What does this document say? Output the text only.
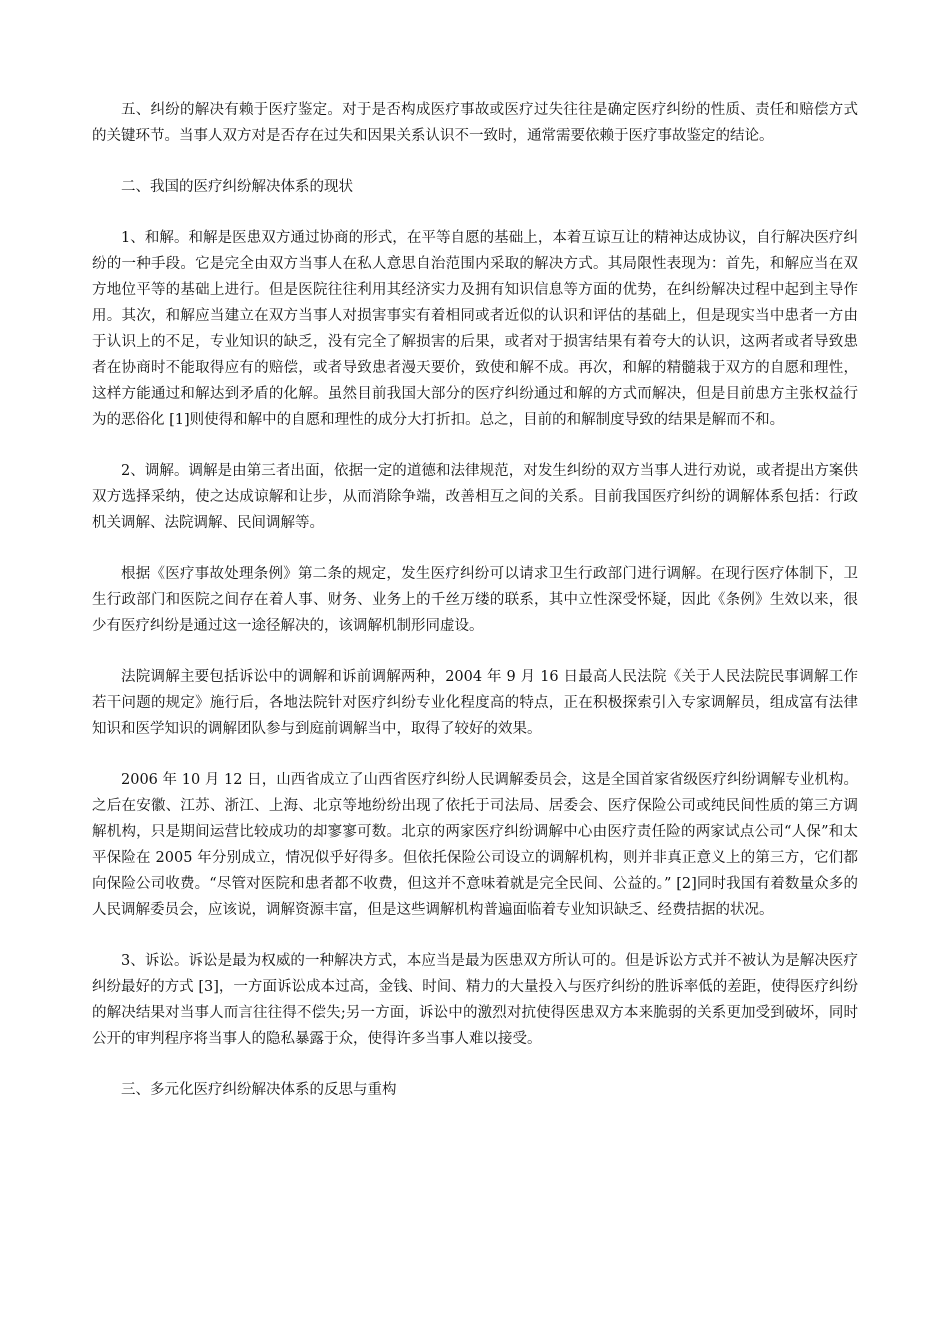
五、纠纷的解决有赖于医疗鉴定。对于是否构成医疗事故或医疗过失往往是确定医疗纠纷的性质、责任和赔偿方式的关键环节。当事人双方对是否存在过失和因果关系认识不一致时，通常需要依赖于医疗事故鉴定的结论。

二、我国的医疗纠纷解决体系的现状

1、和解。和解是医患双方通过协商的形式，在平等自愿的基础上，本着互谅互让的精神达成协议，自行解决医疗纠纷的一种手段。它是完全由双方当事人在私人意思自治范围内采取的解决方式。其局限性表现为：首先，和解应当在双方地位平等的基础上进行。但是医院往往利用其经济实力及拥有知识信息等方面的优势，在纠纷解决过程中起到主导作用。其次，和解应当建立在双方当事人对损害事实有着相同或者近似的认识和评估的基础上，但是现实当中患者一方由于认识上的不足，专业知识的缺乏，没有完全了解损害的后果，或者对于损害结果有着夸大的认识，这两者或者导致患者在协商时不能取得应有的赔偿，或者导致患者漫天要价，致使和解不成。再次，和解的精髓栽于双方的自愿和理性，这样方能通过和解达到矛盾的化解。虽然目前我国大部分的医疗纠纷通过和解的方式而解决，但是目前患方主张权益行为的恶俗化 [1]则使得和解中的自愿和理性的成分大打折扣。总之，目前的和解制度导致的结果是解而不和。

2、调解。调解是由第三者出面，依据一定的道德和法律规范，对发生纠纷的双方当事人进行劝说，或者提出方案供双方选择采纳，使之达成谅解和让步，从而消除争端，改善相互之间的关系。目前我国医疗纠纷的调解体系包括：行政机关调解、法院调解、民间调解等。

根据《医疗事故处理条例》第二条的规定，发生医疗纠纷可以请求卫生行政部门进行调解。在现行医疗体制下，卫生行政部门和医院之间存在着人事、财务、业务上的千丝万缕的联系，其中立性深受怀疑，因此《条例》生效以来，很少有医疗纠纷是通过这一途径解决的，该调解机制形同虚设。

法院调解主要包括诉讼中的调解和诉前调解两种，2004 年 9 月 16 日最高人民法院《关于人民法院民事调解工作若干问题的规定》施行后，各地法院针对医疗纠纷专业化程度高的特点，正在积极探索引入专家调解员，组成富有法律知识和医学知识的调解团队参与到庭前调解当中，取得了较好的效果。

2006 年 10 月 12 日，山西省成立了山西省医疗纠纷人民调解委员会，这是全国首家省级医疗纠纷调解专业机构。之后在安徽、江苏、浙江、上海、北京等地纷纷出现了依托于司法局、居委会、医疗保险公司或纯民间性质的第三方调解机构，只是期间运营比较成功的却寥寥可数。北京的两家医疗纠纷调解中心由医疗责任险的两家试点公司“人保”和太平保险在 2005 年分别成立，情况似乎好得多。但依托保险公司设立的调解机构，则并非真正意义上的第三方，它们都向保险公司收费。“尽管对医院和患者都不收费，但这并不意味着就是完全民间、公益的。” [2]同时我国有着数量众多的人民调解委员会，应该说，调解资源丰富，但是这些调解机构普遍面临着专业知识缺乏、经费拮据的状况。

3、诉讼。诉讼是最为权威的一种解决方式，本应当是最为医患双方所认可的。但是诉讼方式并不被认为是解决医疗纠纷最好的方式 [3]，一方面诉讼成本过高，金钱、时间、精力的大量投入与医疗纠纷的胜诉率低的差距，使得医疗纠纷的解决结果对当事人而言往往得不偿失;另一方面，诉讼中的激烈对抗使得医患双方本来脆弱的关系更加受到破坏，同时公开的审判程序将当事人的隐私暴露于众，使得许多当事人难以接受。

三、多元化医疗纠纷解决体系的反思与重构
